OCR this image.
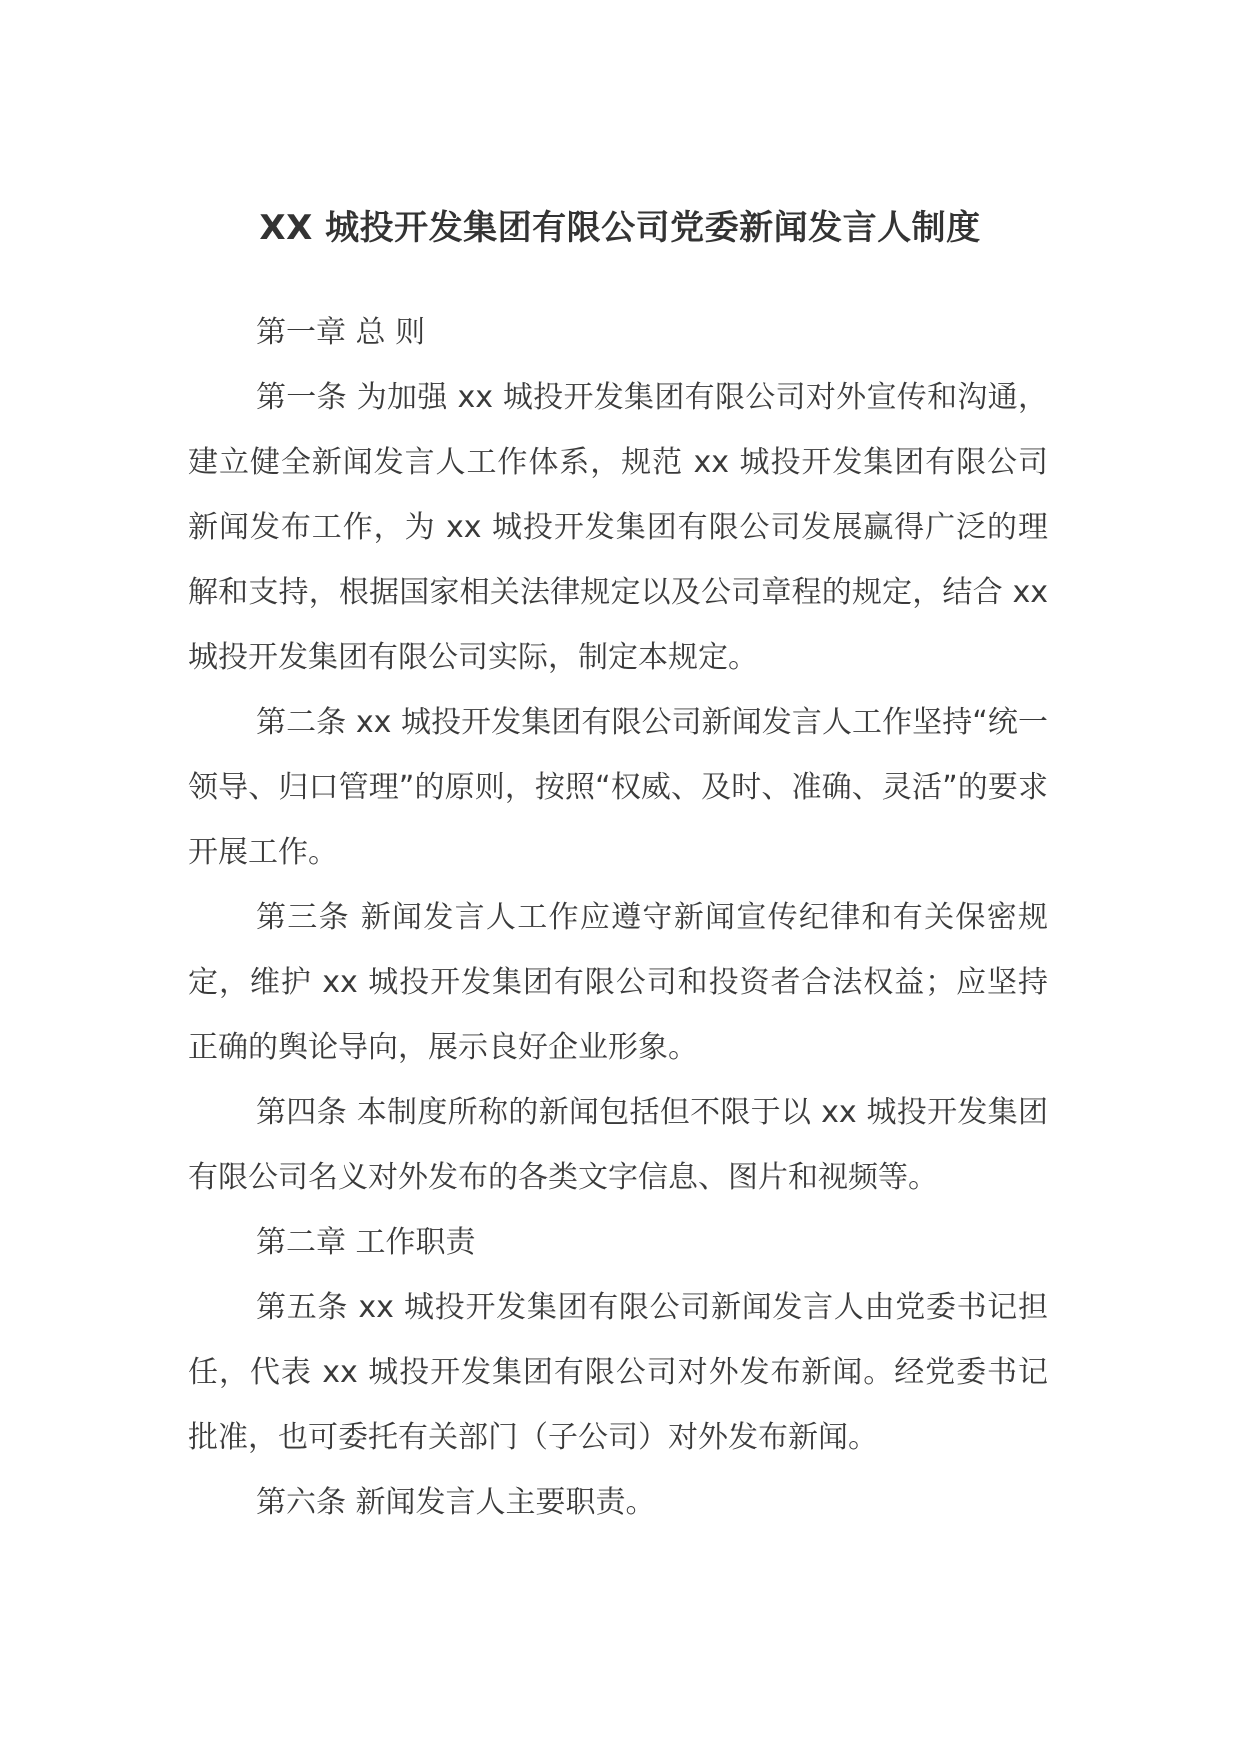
XX 城投开发集团有限公司党委新闻发言人制度

第一章 总 则

第一条 为加强 xx 城投开发集团有限公司对外宣传和沟通，建立健全新闻发言人工作体系，规范 xx 城投开发集团有限公司新闻发布工作，为 xx 城投开发集团有限公司发展赢得广泛的理解和支持，根据国家相关法律规定以及公司章程的规定，结合 xx 城投开发集团有限公司实际，制定本规定。

第二条 xx 城投开发集团有限公司新闻发言人工作坚持“统一领导、归口管理”的原则，按照“权威、及时、准确、灵活”的要求开展工作。

第三条 新闻发言人工作应遵守新闻宣传纪律和有关保密规定，维护 xx 城投开发集团有限公司和投资者合法权益；应坚持正确的舆论导向，展示良好企业形象。

第四条 本制度所称的新闻包括但不限于以 xx 城投开发集团有限公司名义对外发布的各类文字信息、图片和视频等。

第二章 工作职责

第五条 xx 城投开发集团有限公司新闻发言人由党委书记担任，代表 xx 城投开发集团有限公司对外发布新闻。经党委书记批准，也可委托有关部门（子公司）对外发布新闻。

第六条 新闻发言人主要职责。
